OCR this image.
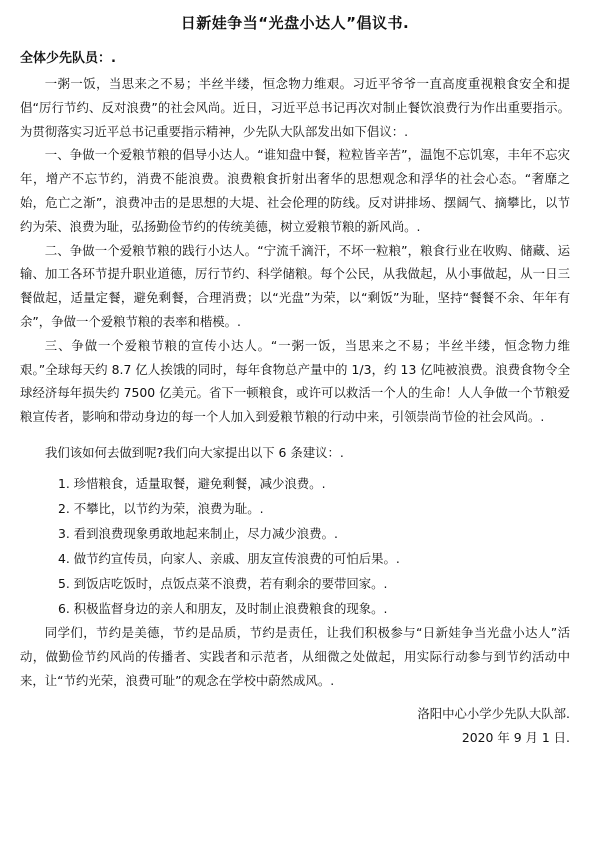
日新娃争当“光盘小达人”倡议书.
全体少先队员：.

一粥一饭，当思来之不易；半丝半缕，恒念物力维艰。习近平爷爷一直高度重视粮食安全和提倡“厉行节约、反对浪费”的社会风尚。近日，习近平总书记再次对制止餐饮浪费行为作出重要指示。为贯彻落实习近平总书记重要指示精神，少先队大队部发出如下倡议：.

一、争做一个爱粮节粮的倡导小达人。“谁知盘中餐，粒粒皆辛苦”，温饱不忘饥寒，丰年不忘灾年，增产不忘节约，消费不能浪费。浪费粮食折射出奢华的思想观念和浮华的社会心态。“奢靡之始，危亡之渐”，浪费冲击的是思想的大堤、社会伦理的防线。反对讲排场、摆阔气、摘攀比，以节约为荣、浪费为耻，弘扬勤俭节约的传统美德，树立爱粮节粮的新风尚。.

二、争做一个爱粮节粮的践行小达人。“宁流千滴汗，不坏一粒粮”，粮食行业在收购、储藏、运输、加工各环节提升职业道德，厉行节约、科学储粮。每个公民，从我做起，从小事做起，从一日三餐做起，适量定餐，避免剩餐，合理消费；以“光盘”为荣，以“剩饭”为耻，坚持“餐餐不余、年年有余”，争做一个爱粮节粮的表率和楷模。.

三、争做一个爱粮节粮的宣传小达人。“一粥一饭，当思来之不易；半丝半缕，恒念物力维艰。”全球每天约 8.7 亿人挨饿的同时，每年食物总产量中的 1/3，约 13 亿吨被浪费。浪费食物令全球经济每年损失约 7500 亿美元。省下一顿粮食，或许可以救活一个人的生命！人人争做一个节粮爱粮宣传者，影响和带动身边的每一个人加入到爱粮节粮的行动中来，引领崇尚节俭的社会风尚。.

我们该如何去做到呢?我们向大家提出以下 6 条建议：.

1. 珍惜粮食，适量取餐，避免剩餐，减少浪费。.

2. 不攀比，以节约为荣，浪费为耻。.

3. 看到浪费现象勇敢地起来制止，尽力减少浪费。.

4. 做节约宣传员，向家人、亲戚、朋友宣传浪费的可怕后果。.

5. 到饭店吃饭时，点饭点菜不浪费，若有剩余的要带回家。.

6. 积极监督身边的亲人和朋友，及时制止浪费粮食的现象。.

同学们，节约是美德，节约是品质，节约是责任，让我们积极参与“日新娃争当光盘小达人”活动，做勤俭节约风尚的传播者、实践者和示范者，从细微之处做起，用实际行动参与到节约活动中来，让“节约光荣，浪费可耻”的观念在学校中蔚然成风。.

洛阳中心小学少先队大队部.

2020 年 9 月 1 日.
